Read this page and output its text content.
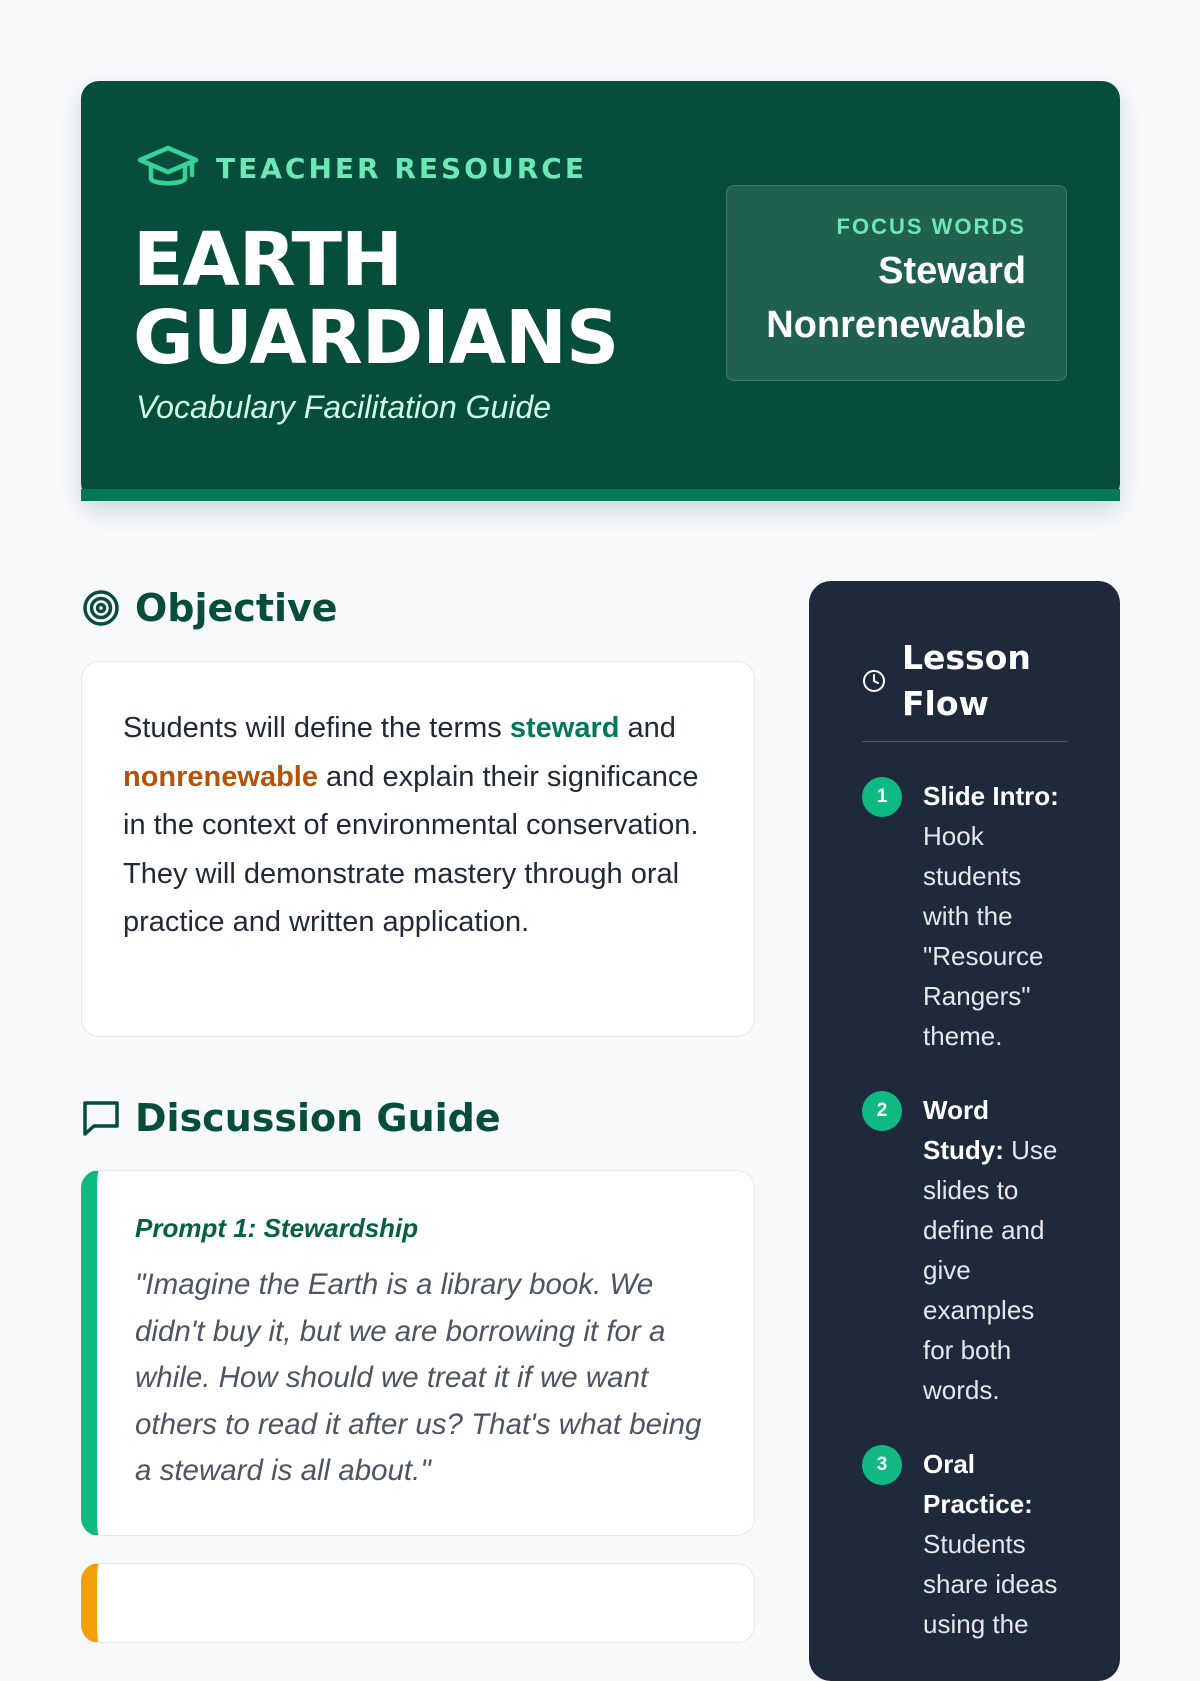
TEACHER RESOURCE
EARTH
GUARDIANS
Vocabulary Facilitation Guide
FOCUS WORDS
Steward
Nonrenewable
Objective

Students will define the terms steward and nonrenewable and explain their significance in the context of environmental conservation. They will demonstrate mastery through oral practice and written application.

Discussion Guide
Prompt 1: Stewardship
"Imagine the Earth is a library book. We didn't buy it, but we are borrowing it for a while. How should we treat it if we want others to read it after us? That's what being a steward is all about."
Lesson Flow
1	Slide Intro: Hook students with the "Resource Rangers" theme.
2	Word Study: Use slides to define and give examples for both words.
3	Oral Practice: Students share ideas using the
